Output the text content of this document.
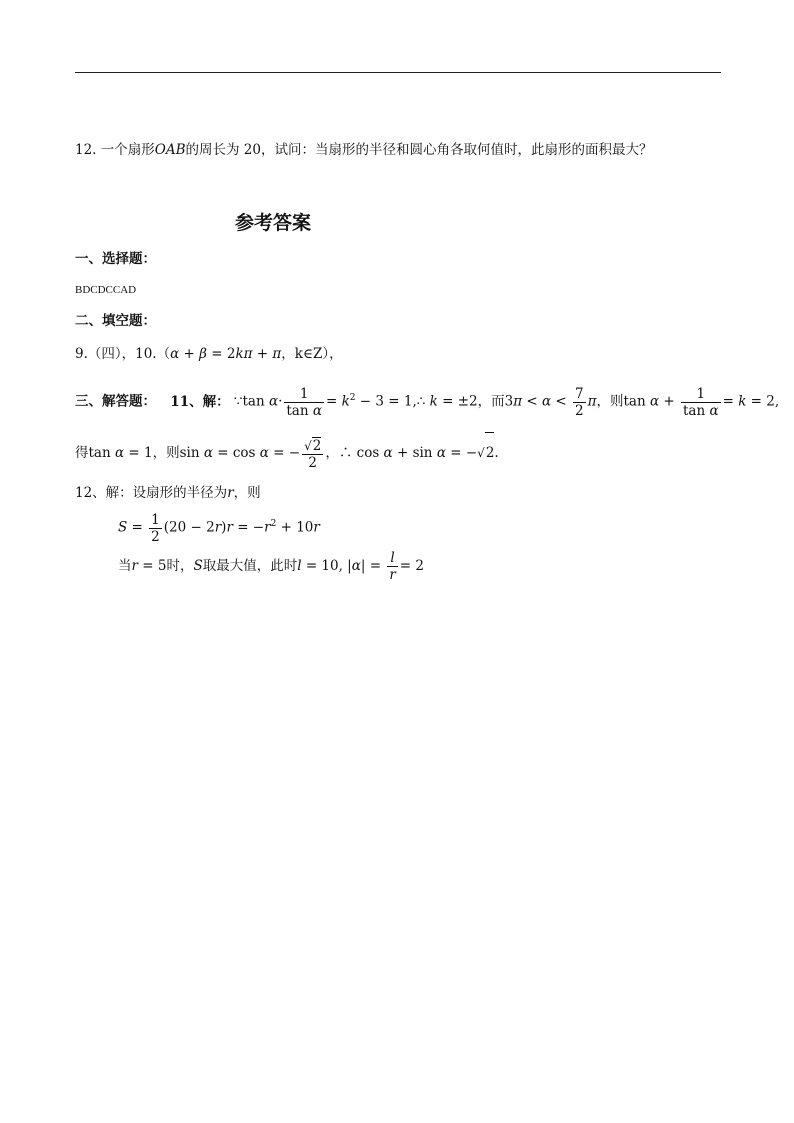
12. 一个扇形OAB的周长为 20，试问：当扇形的半径和圆心角各取何值时，此扇形的面积最大？
参考答案
一、选择题：
BDCDCCAD
二、填空题：
9.（四），10.（α + β = 2kπ + π，k∈Z），
三、解答题： 11、解： ∵tan $\alpha\cdot \frac{1}{\text{tan α}} = k^2 - 3$ = 1,∴ k = ±2，而$3\pi < \alpha < \frac{7}{2}$ π，则$\tan \alpha + \frac{1}{\text{tan α}} = k = 2$,
得tan α = 1，则sin α = cos α = − $\frac{√2}{2}$ ，∴ cos α + sin α = −√2.
12、解：设扇形的半径为r，则
$S = \frac{1}{2} (20 - 2r)r = -r^2 + 10r$
当r = 5时，S取最大值，此时l = 10, $|\alpha| = \frac{l}{r} = 2$
